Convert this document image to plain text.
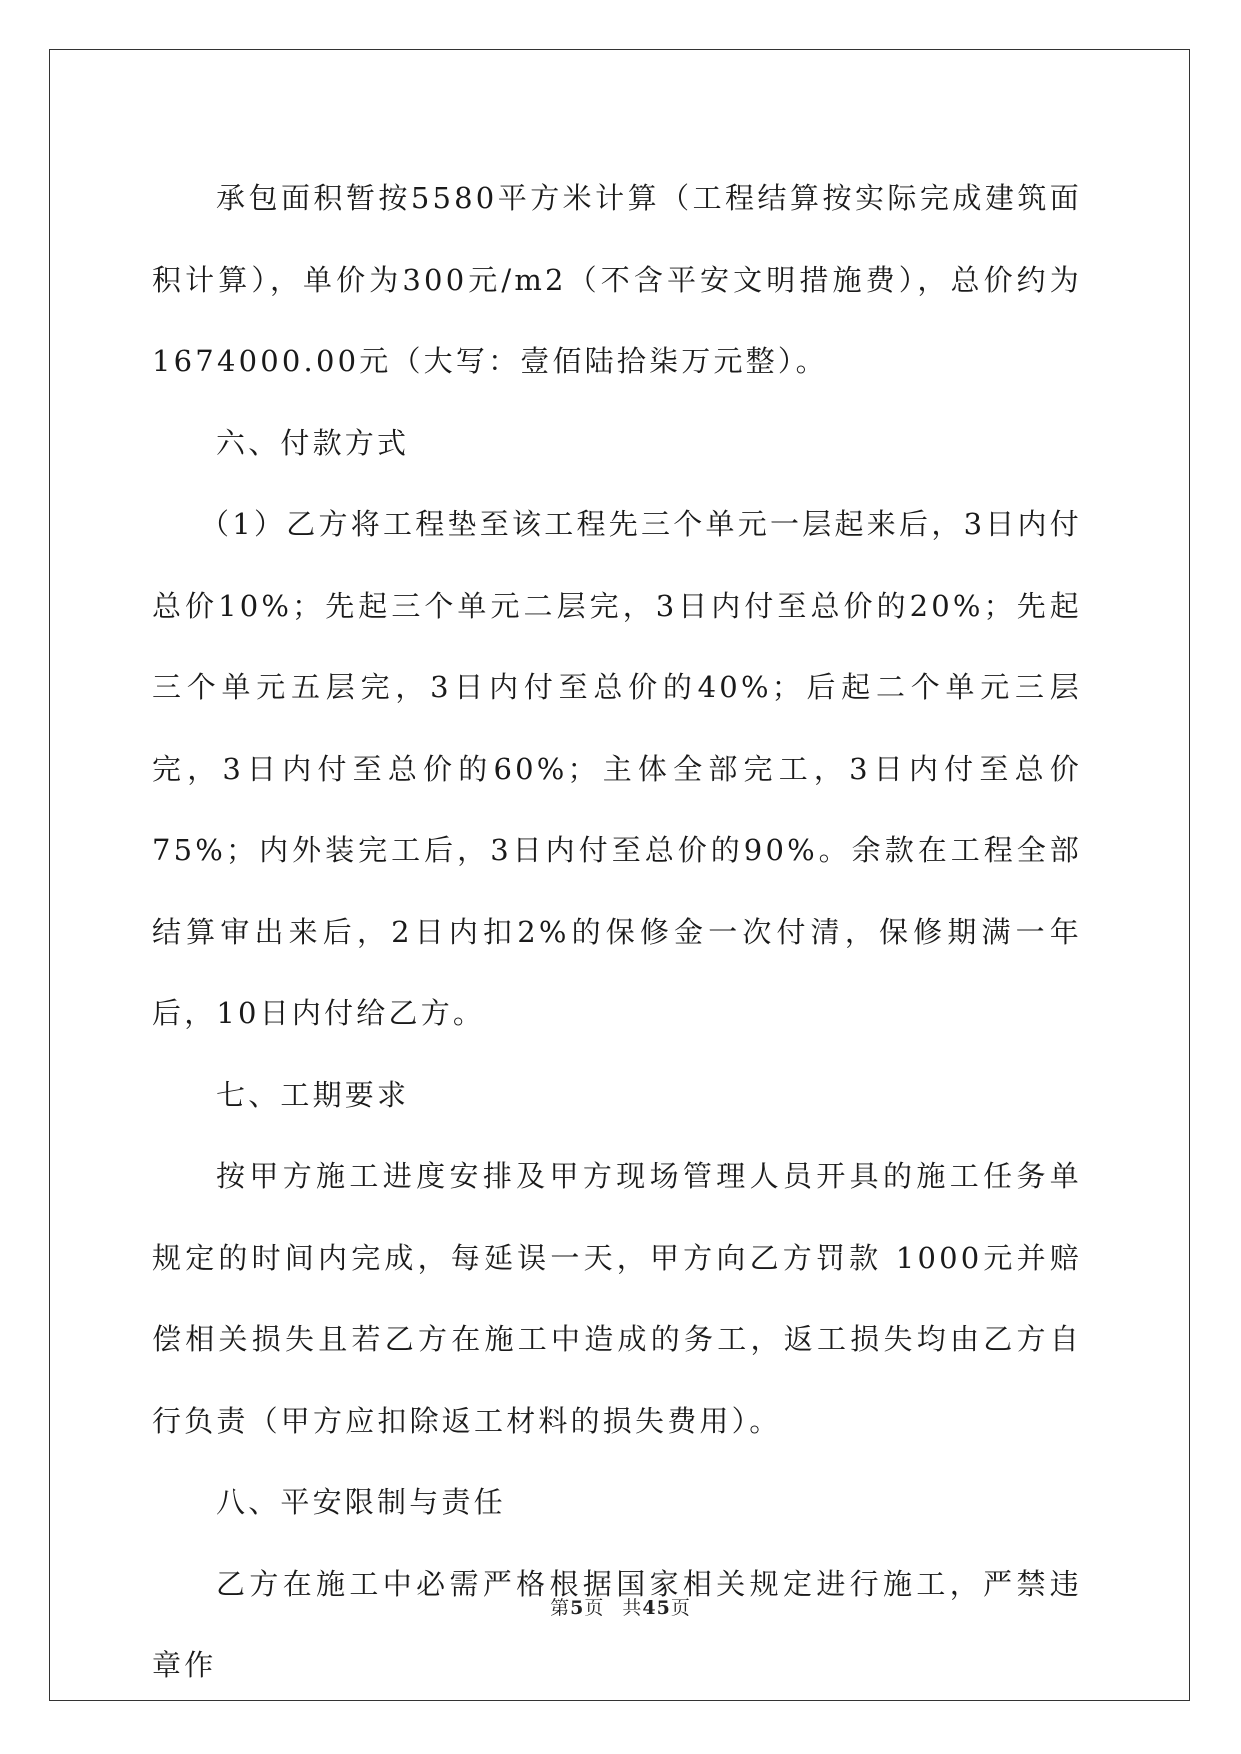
承包面积暂按5580平方米计算（工程结算按实际完成建筑面积计算），单价为300元/m2（不含平安文明措施费），总价约为1674000.00元（大写：壹佰陆拾柒万元整）。

六、付款方式

（1）乙方将工程垫至该工程先三个单元一层起来后，3日内付总价10%；先起三个单元二层完，3日内付至总价的20%；先起三个单元五层完，3日内付至总价的40%；后起二个单元三层完，3日内付至总价的60%；主体全部完工，3日内付至总价75%；内外装完工后，3日内付至总价的90%。余款在工程全部结算审出来后，2日内扣2%的保修金一次付清，保修期满一年后，10日内付给乙方。

七、工期要求

按甲方施工进度安排及甲方现场管理人员开具的施工任务单规定的时间内完成，每延误一天，甲方向乙方罚款 1000元并赔偿相关损失且若乙方在施工中造成的务工，返工损失均由乙方自行负责（甲方应扣除返工材料的损失费用）。

八、平安限制与责任

乙方在施工中必需严格根据国家相关规定进行施工，严禁违章作

第5页 共45页
